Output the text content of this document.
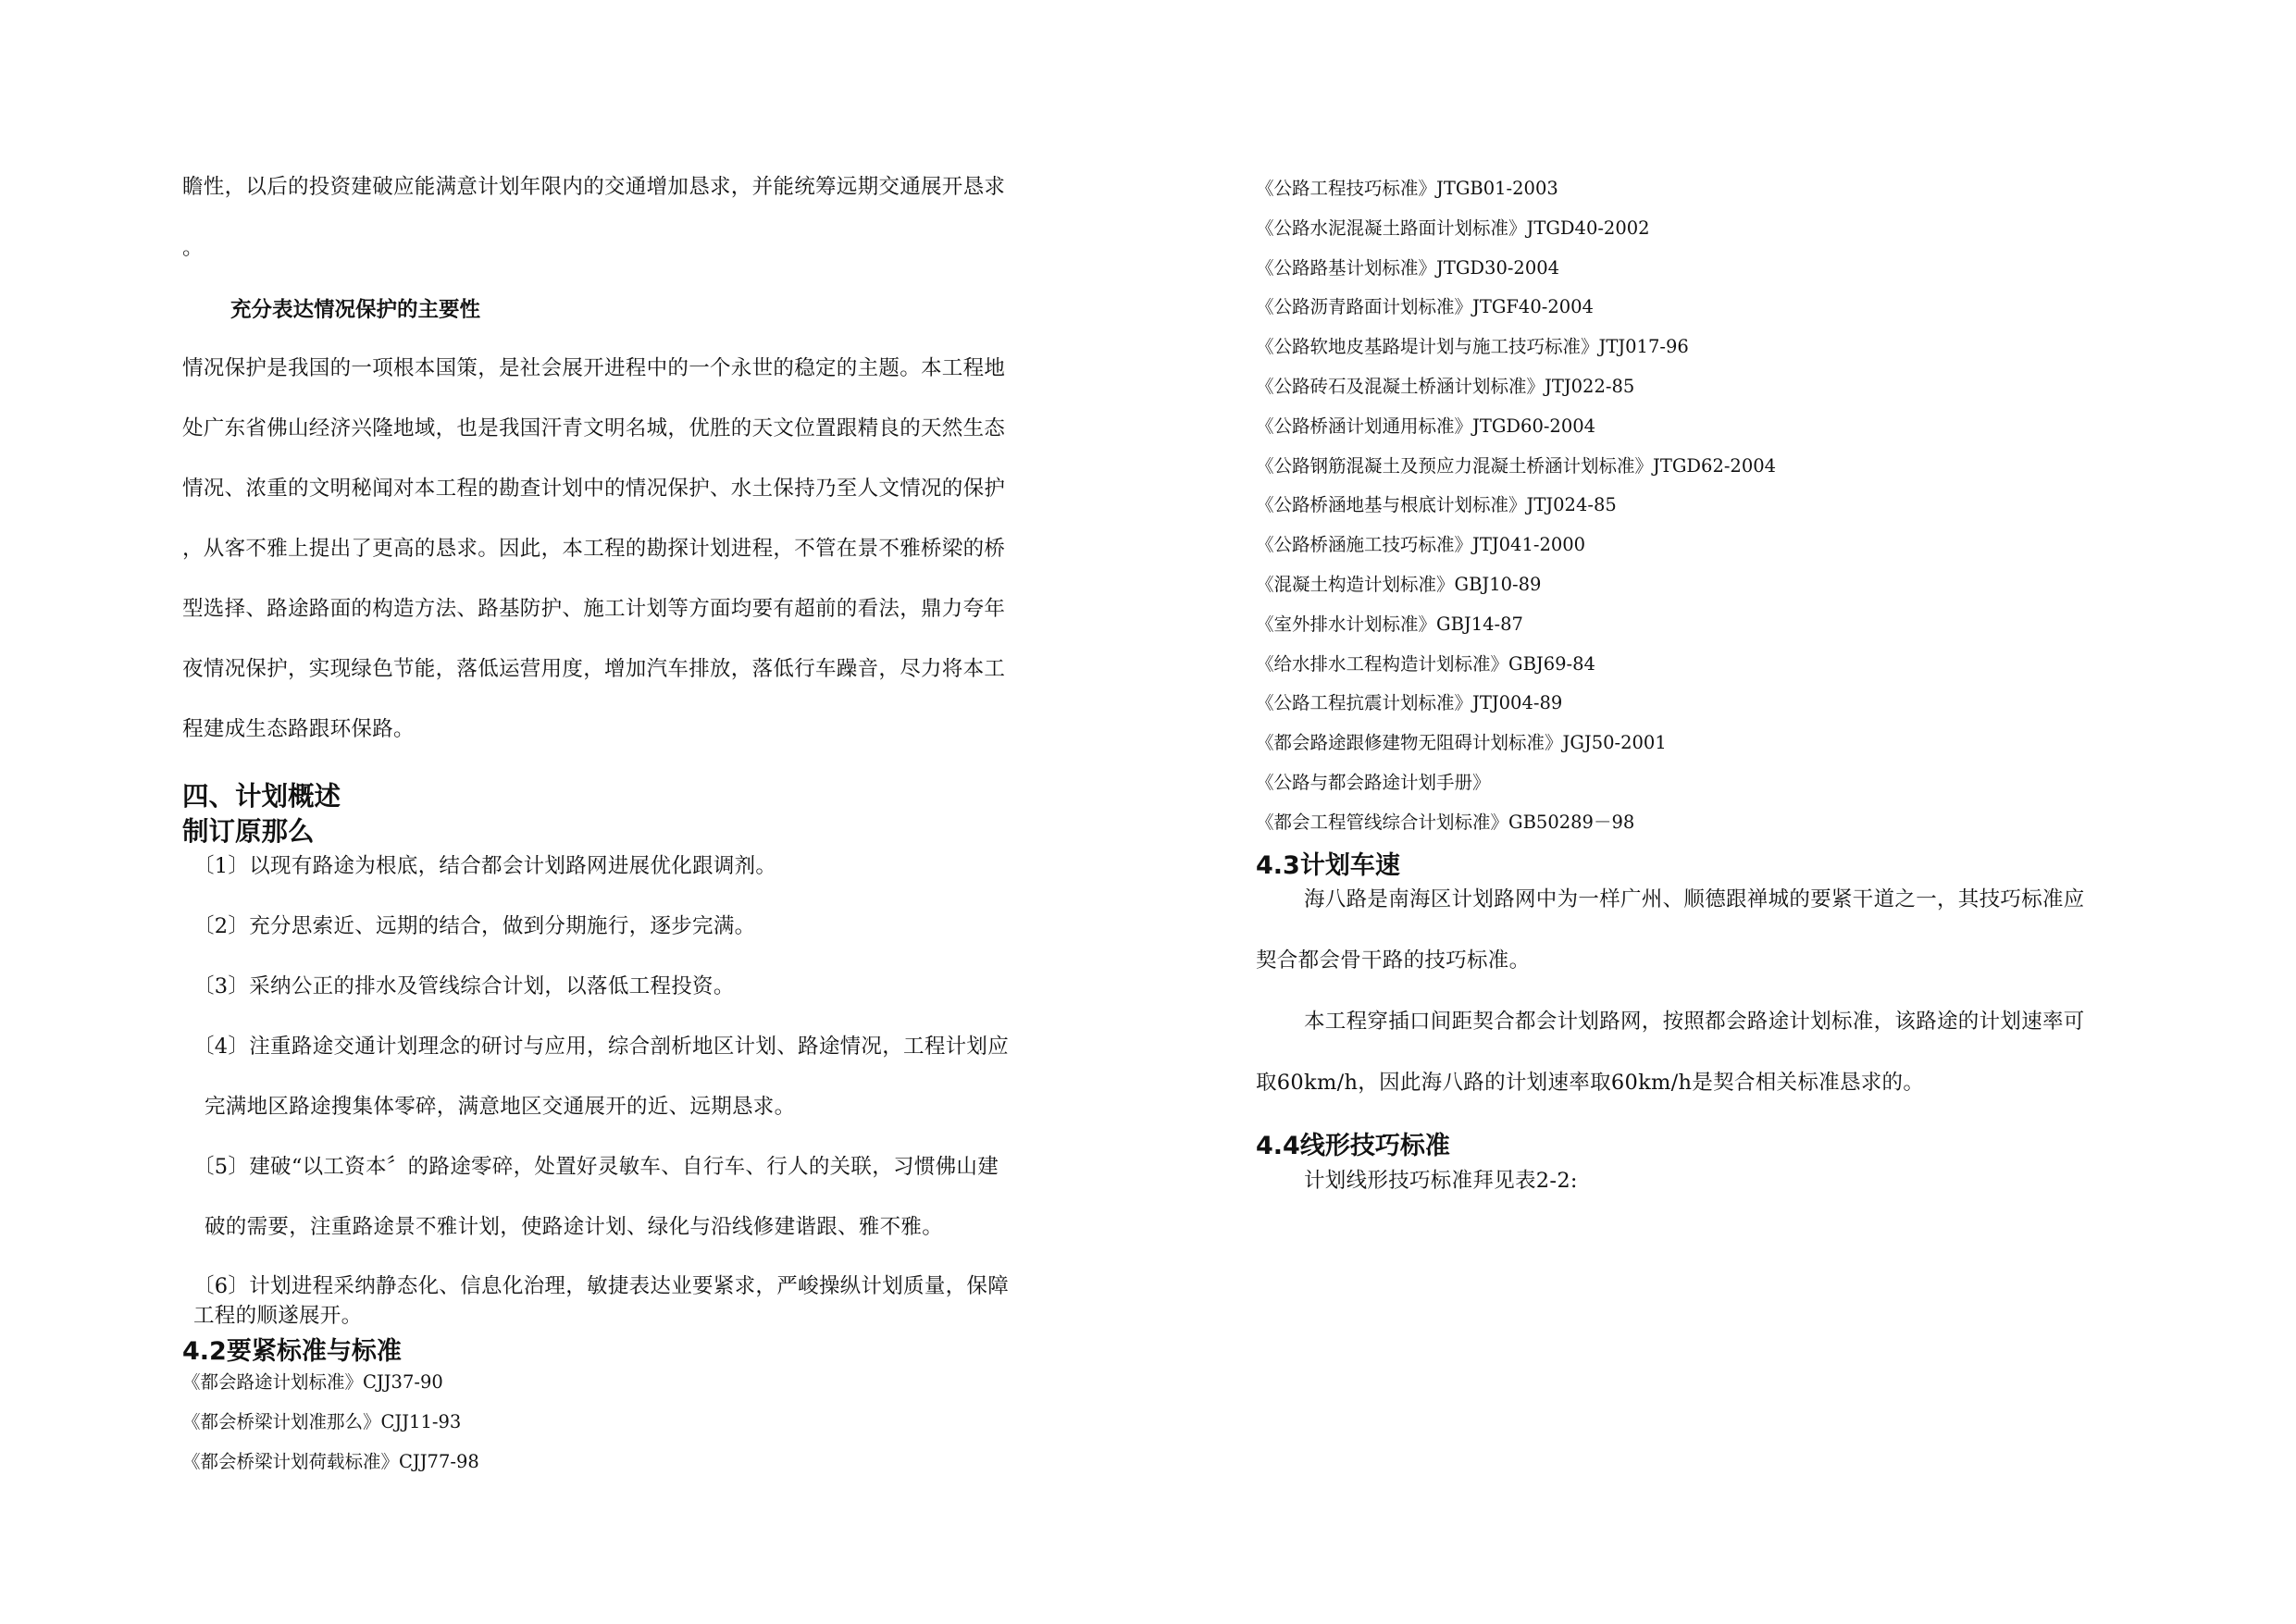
瞻性，以后的投资建破应能满意计划年限内的交通增加恳求，并能统筹远期交通展开恳求
。
充分表达情况保护的主要性
情况保护是我国的一项根本国策，是社会展开进程中的一个永世的稳定的主题。本工程地
处广东省佛山经济兴隆地域，也是我国汗青文明名城，优胜的天文位置跟精良的天然生态
情况、浓重的文明秘闻对本工程的勘查计划中的情况保护、水土保持乃至人文情况的保护
，从客不雅上提出了更高的恳求。因此，本工程的勘探计划进程，不管在景不雅桥梁的桥
型选择、路途路面的构造方法、路基防护、施工计划等方面均要有超前的看法，鼎力夸年
夜情况保护，实现绿色节能，落低运营用度，增加汽车排放，落低行车躁音，尽力将本工
程建成生态路跟环保路。
四、计划概述
制订原那么
〔1〕以现有路途为根底，结合都会计划路网进展优化跟调剂。
〔2〕充分思索近、远期的结合，做到分期施行，逐步完满。
〔3〕采纳公正的排水及管线综合计划，以落低工程投资。
〔4〕注重路途交通计划理念的研讨与应用，综合剖析地区计划、路途情况，工程计划应
完满地区路途搜集体零碎，满意地区交通展开的近、远期恳求。
〔5〕建破“以工资本〞的路途零碎，处置好灵敏车、自行车、行人的关联，习惯佛山建
破的需要，注重路途景不雅计划，使路途计划、绿化与沿线修建谐跟、雅不雅。
〔6〕计划进程采纳静态化、信息化治理，敏捷表达业要紧求，严峻操纵计划质量，保障
工程的顺遂展开。
4.2要紧标准与标准
《都会路途计划标准》CJJ37-90
《都会桥梁计划准那么》CJJ11-93
《都会桥梁计划荷载标准》CJJ77-98
《公路工程技巧标准》JTGB01-2003
《公路水泥混凝土路面计划标准》JTGD40-2002
《公路路基计划标准》JTGD30-2004
《公路沥青路面计划标准》JTGF40-2004
《公路软地皮基路堤计划与施工技巧标准》JTJ017-96
《公路砖石及混凝土桥涵计划标准》JTJ022-85
《公路桥涵计划通用标准》JTGD60-2004
《公路钢筋混凝土及预应力混凝土桥涵计划标准》JTGD62-2004
《公路桥涵地基与根底计划标准》JTJ024-85
《公路桥涵施工技巧标准》JTJ041-2000
《混凝土构造计划标准》GBJ10-89
《室外排水计划标准》GBJ14-87
《给水排水工程构造计划标准》GBJ69-84
《公路工程抗震计划标准》JTJ004-89
《都会路途跟修建物无阻碍计划标准》JGJ50-2001
《公路与都会路途计划手册》
《都会工程管线综合计划标准》GB50289－98
4.3计划车速
海八路是南海区计划路网中为一样广州、顺德跟禅城的要紧干道之一，其技巧标准应
契合都会骨干路的技巧标准。
本工程穿插口间距契合都会计划路网，按照都会路途计划标准，该路途的计划速率可
取60km/h，因此海八路的计划速率取60km/h是契合相关标准恳求的。
4.4线形技巧标准
计划线形技巧标准拜见表2-2:
